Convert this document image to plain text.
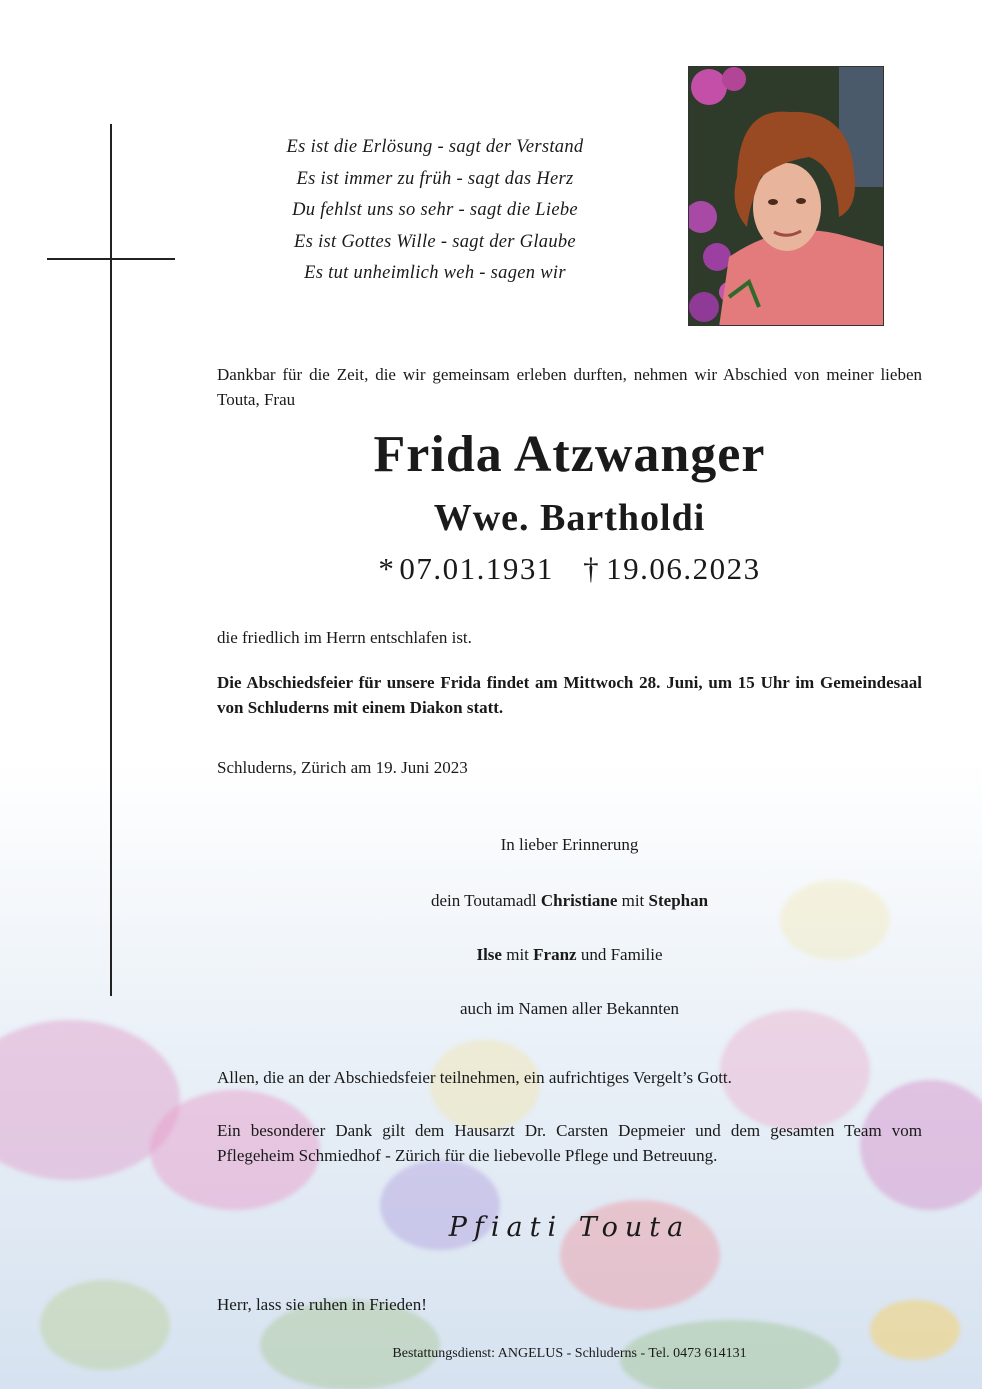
Es ist die Erlösung - sagt der Verstand
Es ist immer zu früh - sagt das Herz
Du fehlst uns so sehr - sagt die Liebe
Es ist Gottes Wille - sagt der Glaube
Es tut unheimlich weh - sagen wir
Dankbar für die Zeit, die wir gemeinsam erleben durften, nehmen wir Abschied von meiner lieben Touta, Frau
Frida Atzwanger
Wwe. Bartholdi
* 07.01.1931 † 19.06.2023
die friedlich im Herrn entschlafen ist.
Die Abschiedsfeier für unsere Frida findet am Mittwoch 28. Juni, um 15 Uhr im Gemeindesaal von Schluderns mit einem Diakon statt.
Schluderns, Zürich am 19. Juni 2023
In lieber Erinnerung
dein Toutamadl Christiane mit Stephan
Ilse mit Franz und Familie
auch im Namen aller Bekannten
Allen, die an der Abschiedsfeier teilnehmen, ein aufrichtiges Vergelt’s Gott.
Ein besonderer Dank gilt dem Hausarzt Dr. Carsten Depmeier und dem gesamten Team vom Pflegeheim Schmiedhof - Zürich für die liebevolle Pflege und Betreuung.
Pfiati Touta
Herr, lass sie ruhen in Frieden!
Bestattungsdienst: ANGELUS - Schluderns - Tel. 0473 614131
